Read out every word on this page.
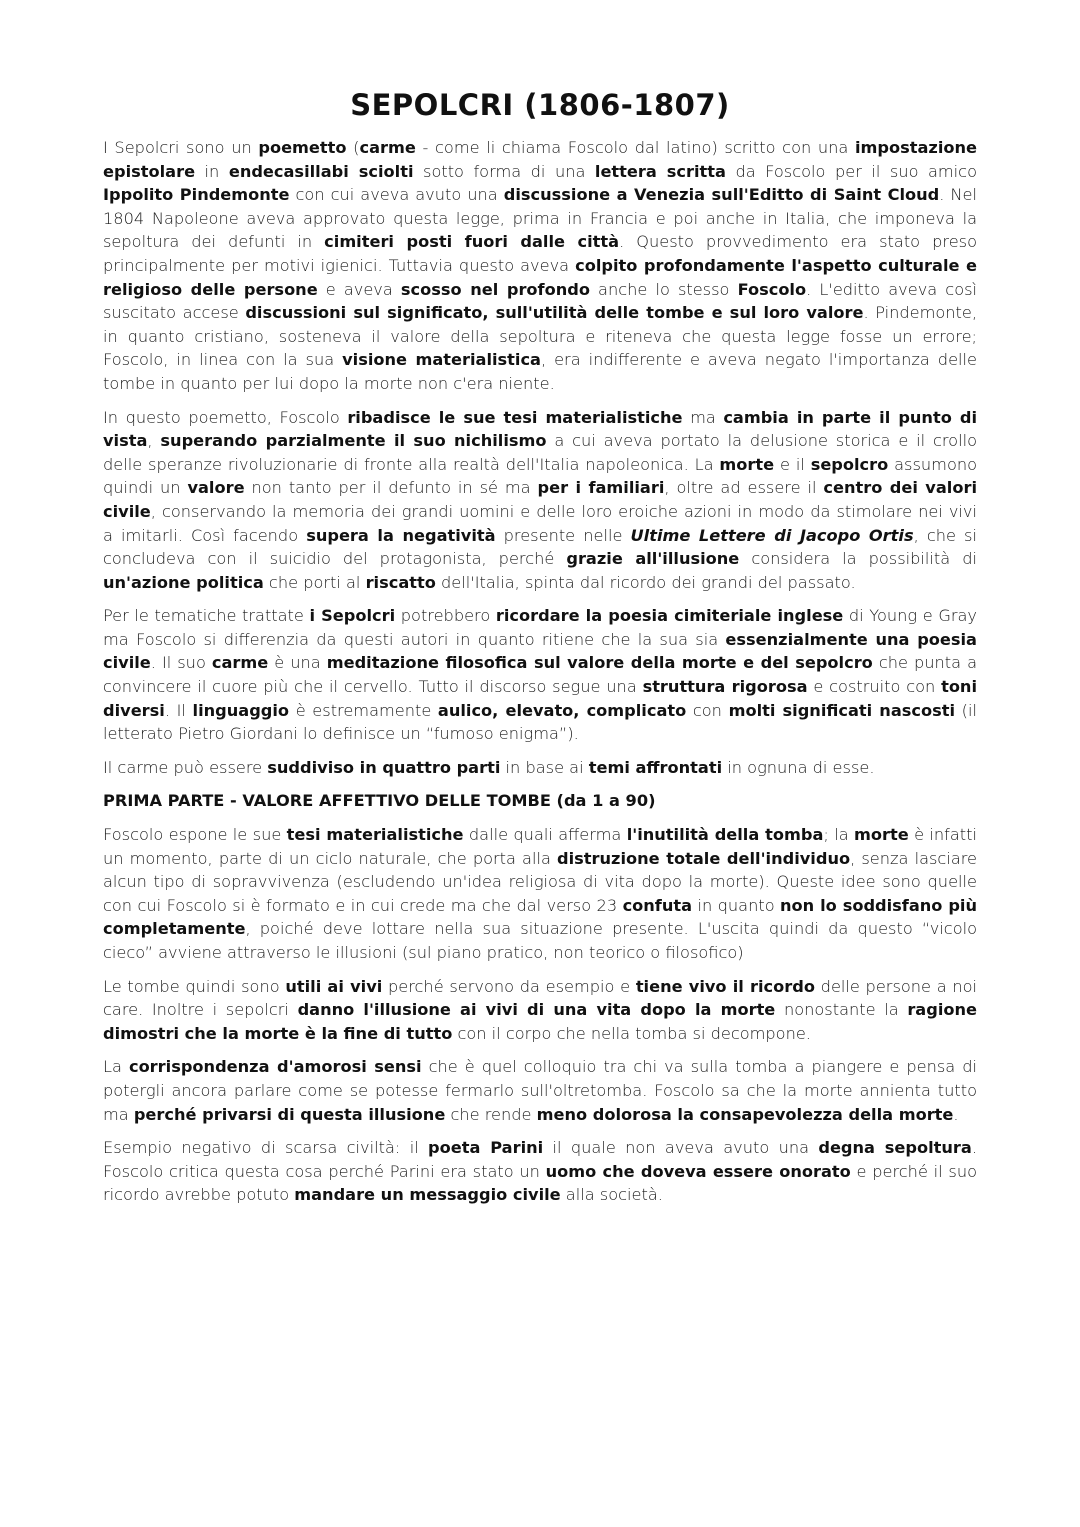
SEPOLCRI (1806-1807)

I Sepolcri sono un poemetto (carme - come li chiama Foscolo dal latino) scritto con una impostazione epistolare in endecasillabi sciolti sotto forma di una lettera scritta da Foscolo per il suo amico Ippolito Pindemonte con cui aveva avuto una discussione a Venezia sull'Editto di Saint Cloud. Nel 1804 Napoleone aveva approvato questa legge, prima in Francia e poi anche in Italia, che imponeva la sepoltura dei defunti in cimiteri posti fuori dalle città. Questo provvedimento era stato preso principalmente per motivi igienici. Tuttavia questo aveva colpito profondamente l'aspetto culturale e religioso delle persone e aveva scosso nel profondo anche lo stesso Foscolo. L'editto aveva così suscitato accese discussioni sul significato, sull'utilità delle tombe e sul loro valore. Pindemonte, in quanto cristiano, sosteneva il valore della sepoltura e riteneva che questa legge fosse un errore; Foscolo, in linea con la sua visione materialistica, era indifferente e aveva negato l'importanza delle tombe in quanto per lui dopo la morte non c'era niente.

In questo poemetto, Foscolo ribadisce le sue tesi materialistiche ma cambia in parte il punto di vista, superando parzialmente il suo nichilismo a cui aveva portato la delusione storica e il crollo delle speranze rivoluzionarie di fronte alla realtà dell'Italia napoleonica. La morte e il sepolcro assumono quindi un valore non tanto per il defunto in sé ma per i familiari, oltre ad essere il centro dei valori civile, conservando la memoria dei grandi uomini e delle loro eroiche azioni in modo da stimolare nei vivi a imitarli. Così facendo supera la negatività presente nelle Ultime Lettere di Jacopo Ortis, che si concludeva con il suicidio del protagonista, perché grazie all'illusione considera la possibilità di un'azione politica che porti al riscatto dell'Italia, spinta dal ricordo dei grandi del passato.

Per le tematiche trattate i Sepolcri potrebbero ricordare la poesia cimiteriale inglese di Young e Gray ma Foscolo si differenzia da questi autori in quanto ritiene che la sua sia essenzialmente una poesia civile. Il suo carme è una meditazione filosofica sul valore della morte e del sepolcro che punta a convincere il cuore più che il cervello. Tutto il discorso segue una struttura rigorosa e costruito con toni diversi. Il linguaggio è estremamente aulico, elevato, complicato con molti significati nascosti (il letterato Pietro Giordani lo definisce un “fumoso enigma”).

Il carme può essere suddiviso in quattro parti in base ai temi affrontati in ognuna di esse.

PRIMA PARTE - VALORE AFFETTIVO DELLE TOMBE (da 1 a 90)

Foscolo espone le sue tesi materialistiche dalle quali afferma l'inutilità della tomba; la morte è infatti un momento, parte di un ciclo naturale, che porta alla distruzione totale dell'individuo, senza lasciare alcun tipo di sopravvivenza (escludendo un'idea religiosa di vita dopo la morte). Queste idee sono quelle con cui Foscolo si è formato e in cui crede ma che dal verso 23 confuta in quanto non lo soddisfano più completamente, poiché deve lottare nella sua situazione presente. L'uscita quindi da questo “vicolo cieco” avviene attraverso le illusioni (sul piano pratico, non teorico o filosofico)

Le tombe quindi sono utili ai vivi perché servono da esempio e tiene vivo il ricordo delle persone a noi care. Inoltre i sepolcri danno l'illusione ai vivi di una vita dopo la morte nonostante la ragione dimostri che la morte è la fine di tutto con il corpo che nella tomba si decompone.

La corrispondenza d'amorosi sensi che è quel colloquio tra chi va sulla tomba a piangere e pensa di potergli ancora parlare come se potesse fermarlo sull'oltretomba. Foscolo sa che la morte annienta tutto ma perché privarsi di questa illusione che rende meno dolorosa la consapevolezza della morte.

Esempio negativo di scarsa civiltà: il poeta Parini il quale non aveva avuto una degna sepoltura. Foscolo critica questa cosa perché Parini era stato un uomo che doveva essere onorato e perché il suo ricordo avrebbe potuto mandare un messaggio civile alla società.
